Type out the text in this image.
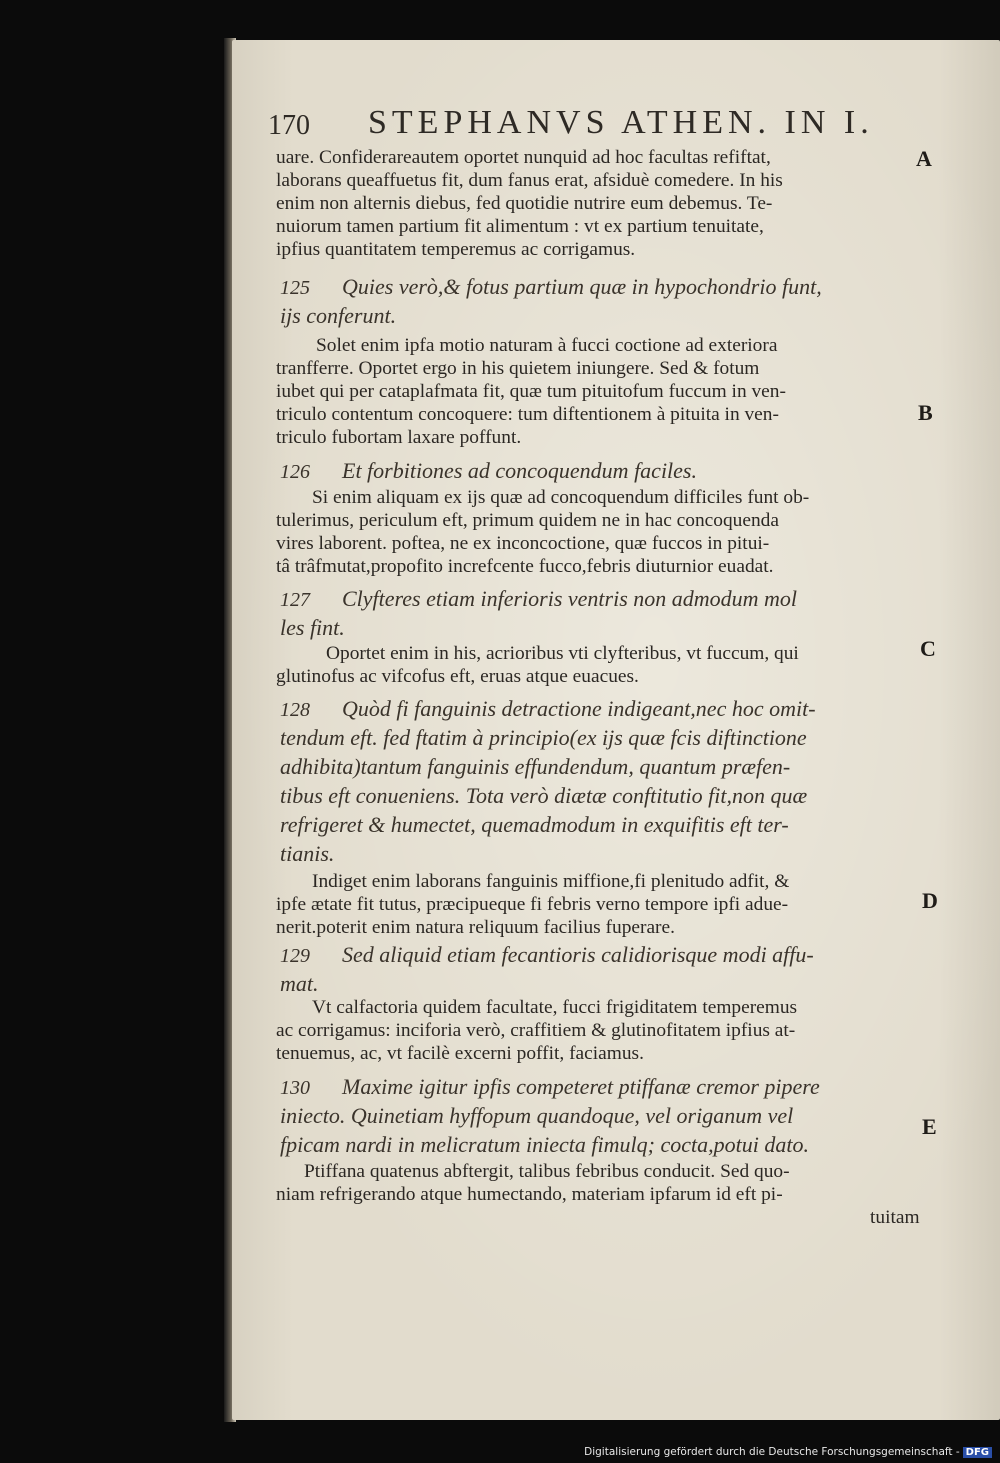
170 STEPHANVS ATHEN. IN I.
uare. Confiderareautem oportet nunquid ad hoc facultas refiftat,
laborans queaffuetus fit, dum fanus erat, afsiduè comedere. In his
enim non alternis diebus, fed quotidie nutrire eum debemus. Te-
nuiorum tamen partium fit alimentum : vt ex partium tenuitate,
ipfius quantitatem temperemus ac corrigamus.
125 Quies verò,& fotus partium quæ in hypochondrio funt,
ijs conferunt.
Solet enim ipfa motio naturam à fucci coctione ad exteriora
tranfferre. Oportet ergo in his quietem iniungere. Sed & fotum
iubet qui per cataplafmata fit, quæ tum pituitofum fuccum in ven-
triculo contentum concoquere: tum diftentionem à pituita in ven-
triculo fubortam laxare poffunt.
126 Et forbitiones ad concoquendum faciles.
Si enim aliquam ex ijs quæ ad concoquendum difficiles funt ob-
tulerimus, periculum eft, primum quidem ne in hac concoquenda
vires laborent. poftea, ne ex inconcoctione, quæ fuccos in pitui-
tâ trâfmutat,propofito increfcente fucco,febris diuturnior euadat.
127 Clyfteres etiam inferioris ventris non admodum mol
les fint.
Oportet enim in his, acrioribus vti clyfteribus, vt fuccum, qui
glutinofus ac vifcofus eft, eruas atque euacues.
128 Quòd fi fanguinis detractione indigeant,nec hoc omit-
tendum eft. fed ftatim à principio(ex ijs quæ fcis diftinctione
adhibita)tantum fanguinis effundendum, quantum præfen-
tibus eft conueniens. Tota verò diætæ conftitutio fit,non quæ
refrigeret & humectet, quemadmodum in exquifitis eft ter-
tianis.
Indiget enim laborans fanguinis miffione,fi plenitudo adfit, &
ipfe ætate fit tutus, præcipueque fi febris verno tempore ipfi adue-
nerit.poterit enim natura reliquum facilius fuperare.
129 Sed aliquid etiam fecantioris calidiorisque modi affu-
mat.
Vt calfactoria quidem facultate, fucci frigiditatem temperemus
ac corrigamus: inciforia verò, craffitiem & glutinofitatem ipfius at-
tenuemus, ac, vt facilè excerni poffit, faciamus.
130 Maxime igitur ipfis competeret ptiffanæ cremor pipere
iniecto. Quinetiam hyffopum quandoque, vel origanum vel
fpicam nardi in melicratum iniecta fimulq; cocta,potui dato.
Ptiffana quatenus abftergit, talibus febribus conducit. Sed quo-
niam refrigerando atque humectando, materiam ipfarum id eft pi-
tuitam
A
B
C
D
E
Digitalisierung gefördert durch die Deutsche Forschungsgemeinschaft - DFG
